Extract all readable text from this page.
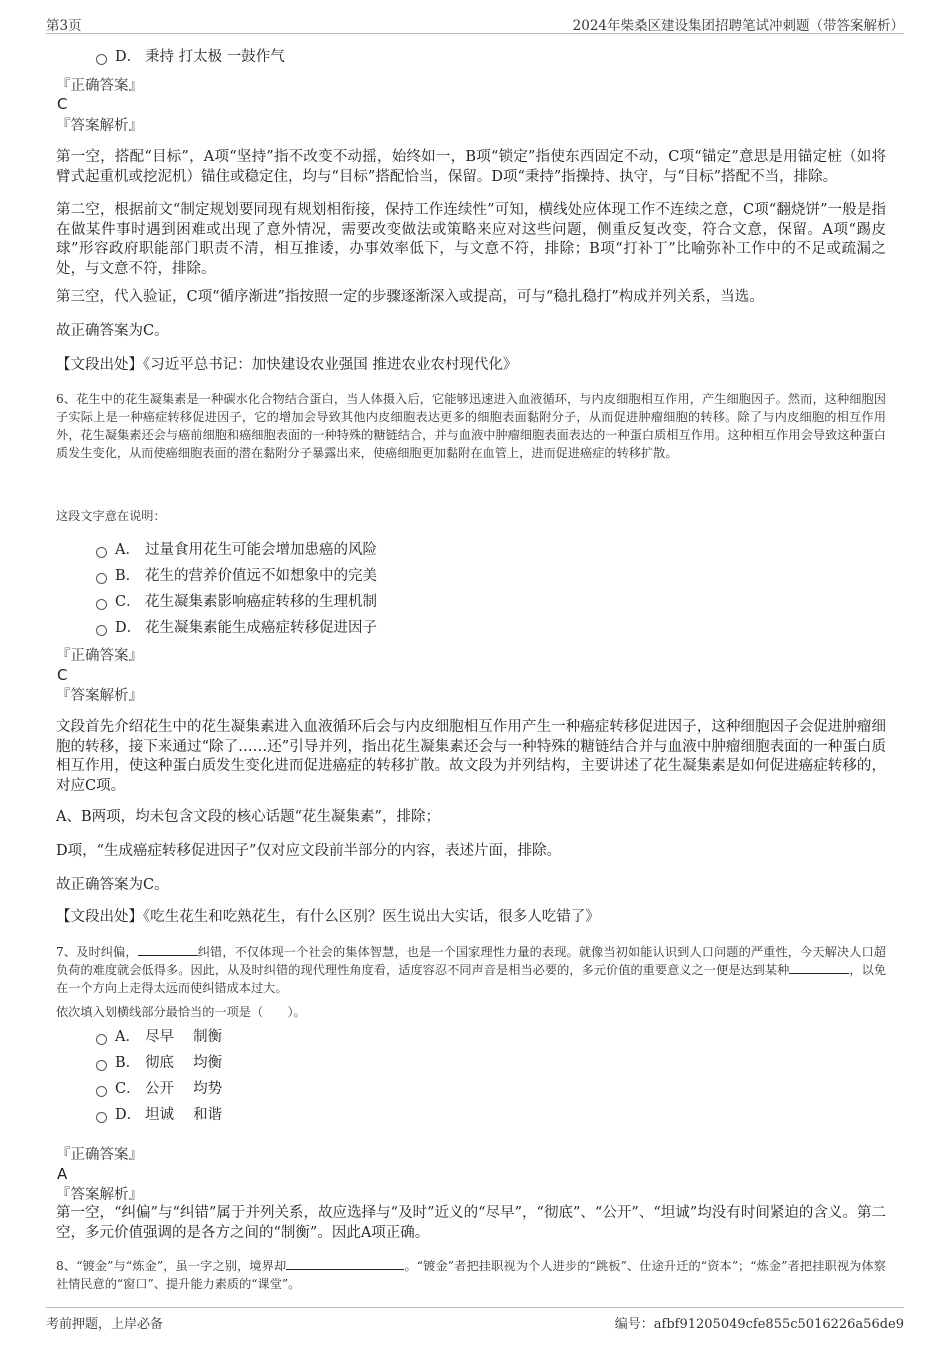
第3页	2024年柴桑区建设集团招聘笔试冲刺题（带答案解析）
D． 秉持 打太极 一鼓作气
『正确答案』
C
『答案解析』
第一空，搭配“目标”，A项“坚持”指不改变不动摇，始终如一，B项“锁定”指使东西固定不动，C项“锚定”意思是用锚定桩（如将臂式起重机或挖泥机）锚住或稳定住，均与“目标”搭配恰当，保留。D项“秉持”指操持、执守，与“目标”搭配不当，排除。
第二空，根据前文“制定规划要同现有规划相衔接，保持工作连续性”可知，横线处应体现工作不连续之意，C项“翻烧饼”一般是指在做某件事时遇到困难或出现了意外情况，需要改变做法或策略来应对这些问题，侧重反复改变，符合文意，保留。A项“踢皮球”形容政府职能部门职责不清，相互推诿，办事效率低下，与文意不符，排除；B项“打补丁”比喻弥补工作中的不足或疏漏之处，与文意不符，排除。
第三空，代入验证，C项“循序渐进”指按照一定的步骤逐渐深入或提高，可与“稳扎稳打”构成并列关系，当选。
故正确答案为C。
【文段出处】《习近平总书记：加快建设农业强国 推进农业农村现代化》
6、花生中的花生凝集素是一种碳水化合物结合蛋白，当人体摄入后，它能够迅速进入血液循环，与内皮细胞相互作用，产生细胞因子。然而，这种细胞因子实际上是一种癌症转移促进因子，它的增加会导致其他内皮细胞表达更多的细胞表面黏附分子，从而促进肿瘤细胞的转移。除了与内皮细胞的相互作用外，花生凝集素还会与癌前细胞和癌细胞表面的一种特殊的糖链结合，并与血液中肿瘤细胞表面表达的一种蛋白质相互作用。这种相互作用会导致这种蛋白质发生变化，从而使癌细胞表面的潜在黏附分子暴露出来，使癌细胞更加黏附在血管上，进而促进癌症的转移扩散。
这段文字意在说明：
A． 过量食用花生可能会增加患癌的风险
B． 花生的营养价值远不如想象中的完美
C． 花生凝集素影响癌症转移的生理机制
D． 花生凝集素能生成癌症转移促进因子
『正确答案』
C
『答案解析』
文段首先介绍花生中的花生凝集素进入血液循环后会与内皮细胞相互作用产生一种癌症转移促进因子，这种细胞因子会促进肿瘤细胞的转移，接下来通过“除了……还”引导并列，指出花生凝集素还会与一种特殊的糖链结合并与血液中肿瘤细胞表面的一种蛋白质相互作用，使这种蛋白质发生变化进而促进癌症的转移扩散。故文段为并列结构，主要讲述了花生凝集素是如何促进癌症转移的，对应C项。
A、B两项，均未包含文段的核心话题“花生凝集素”，排除；
D项，“生成癌症转移促进因子”仅对应文段前半部分的内容，表述片面，排除。
故正确答案为C。
【文段出处】《吃生花生和吃熟花生，有什么区别？医生说出大实话，很多人吃错了》
7、及时纠偏，	纠错，不仅体现一个社会的集体智慧，也是一个国家理性力量的表现。就像当初如能认识到人口问题的严重性，今天解决人口超负荷的难度就会低得多。因此，从及时纠错的现代理性角度看，适度容忍不同声音是相当必要的，多元价值的重要意义之一便是达到某种	，以免在一个方向上走得太远而使纠错成本过大。
依次填入划横线部分最恰当的一项是（　　）。
A． 尽早　 制衡
B． 彻底　 均衡
C． 公开　 均势
D． 坦诚　 和谐
『正确答案』
A
『答案解析』
第一空，“纠偏”与“纠错”属于并列关系，故应选择与“及时”近义的“尽早”，“彻底”、“公开”、“坦诚”均没有时间紧迫的含义。第二空，多元价值强调的是各方之间的“制衡”。因此A项正确。
8、“镀金”与“炼金”，虽一字之别，境界却	。“镀金”者把挂职视为个人进步的“跳板”、仕途升迁的“资本”；“炼金”者把挂职视为体察社情民意的“窗口”、提升能力素质的“课堂”。
考前押题，上岸必备	编号：afbf91205049cfe855c5016226a56de9
